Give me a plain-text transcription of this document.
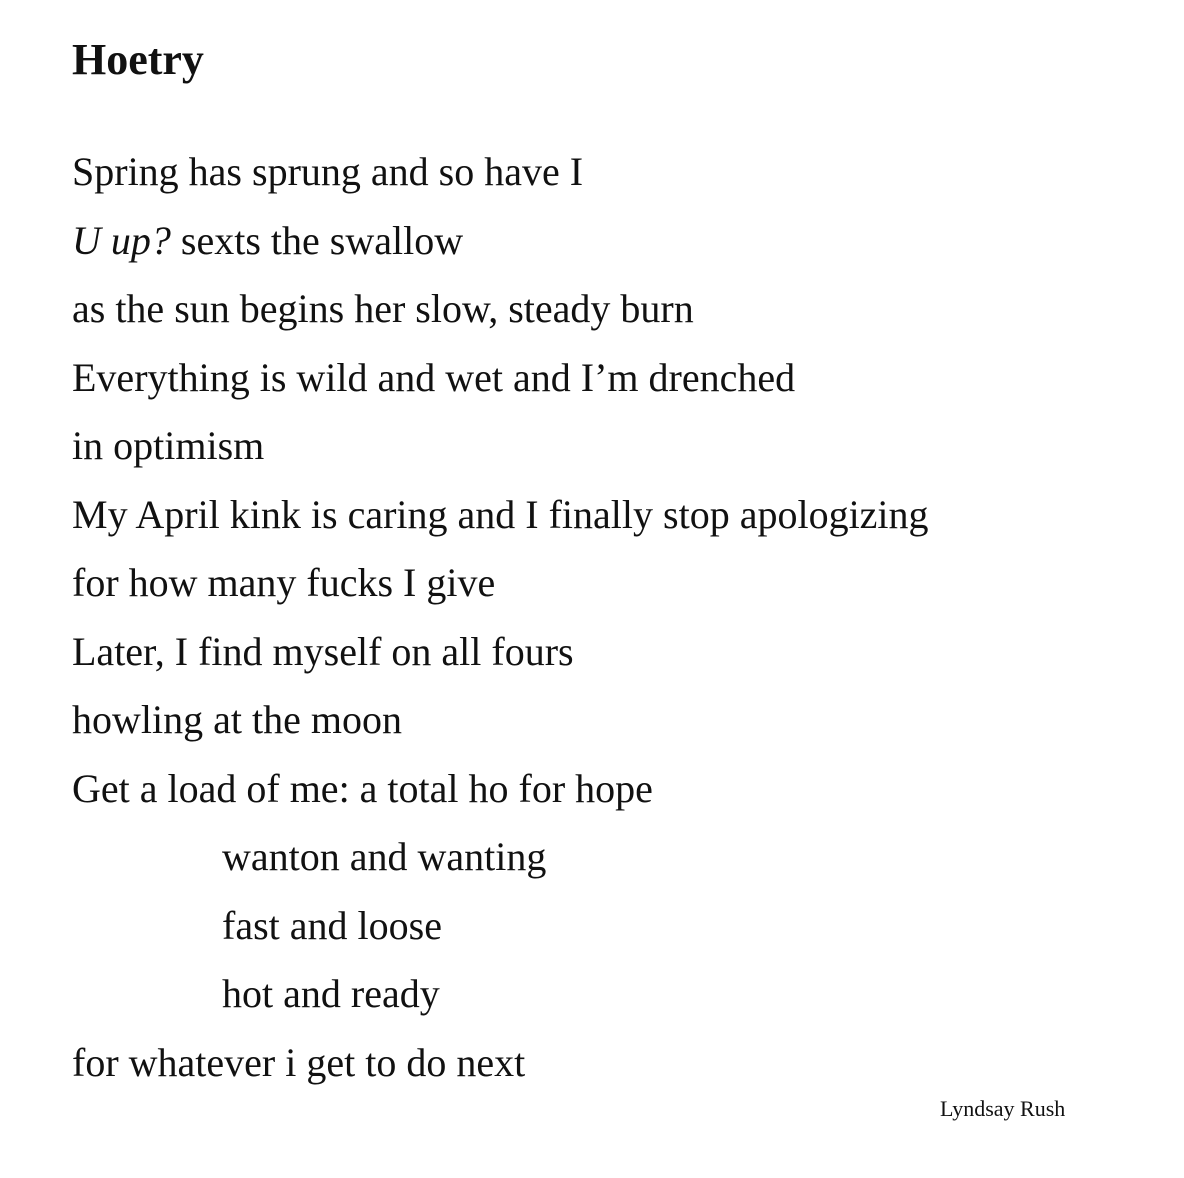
Hoetry
Spring has sprung and so have I
U up? sexts the swallow
as the sun begins her slow, steady burn
Everything is wild and wet and I’m drenched
in optimism
My April kink is caring and I finally stop apologizing
for how many fucks I give
Later, I find myself on all fours
howling at the moon
Get a load of me: a total ho for hope
wanton and wanting
fast and loose
hot and ready
for whatever i get to do next
Lyndsay Rush
